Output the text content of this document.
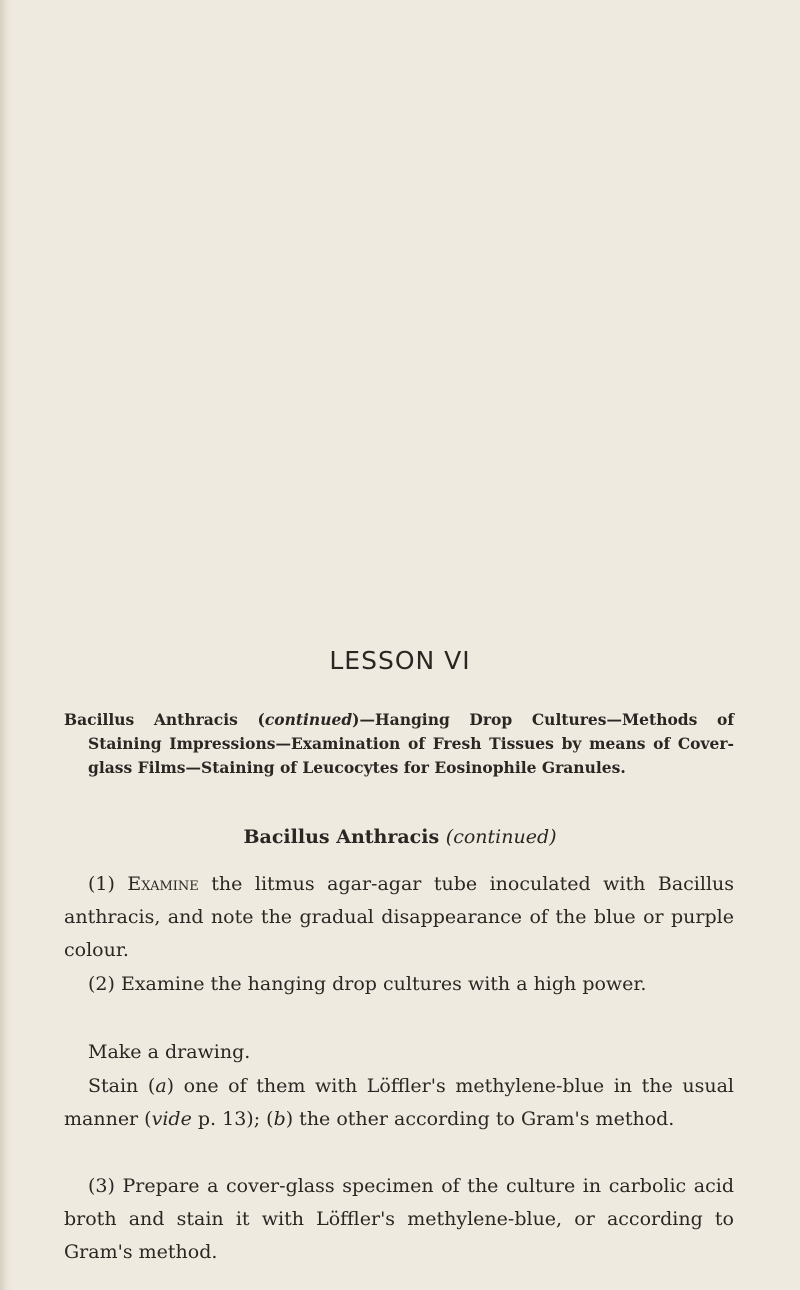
LESSON VI
Bacillus Anthracis (continued)—Hanging Drop Cultures—Methods of Staining Impressions—Examination of Fresh Tissues by means of Cover-glass Films—Staining of Leucocytes for Eosinophile Granules.
Bacillus Anthracis (continued)
(1) Examine the litmus agar-agar tube inoculated with Bacillus anthracis, and note the gradual disappearance of the blue or purple colour.
(2) Examine the hanging drop cultures with a high power.
Make a drawing.
Stain (a) one of them with Löffler's methylene-blue in the usual manner (vide p. 13); (b) the other according to Gram's method.
(3) Prepare a cover-glass specimen of the culture in carbolic acid broth and stain it with Löffler's methylene-blue, or according to Gram's method.
